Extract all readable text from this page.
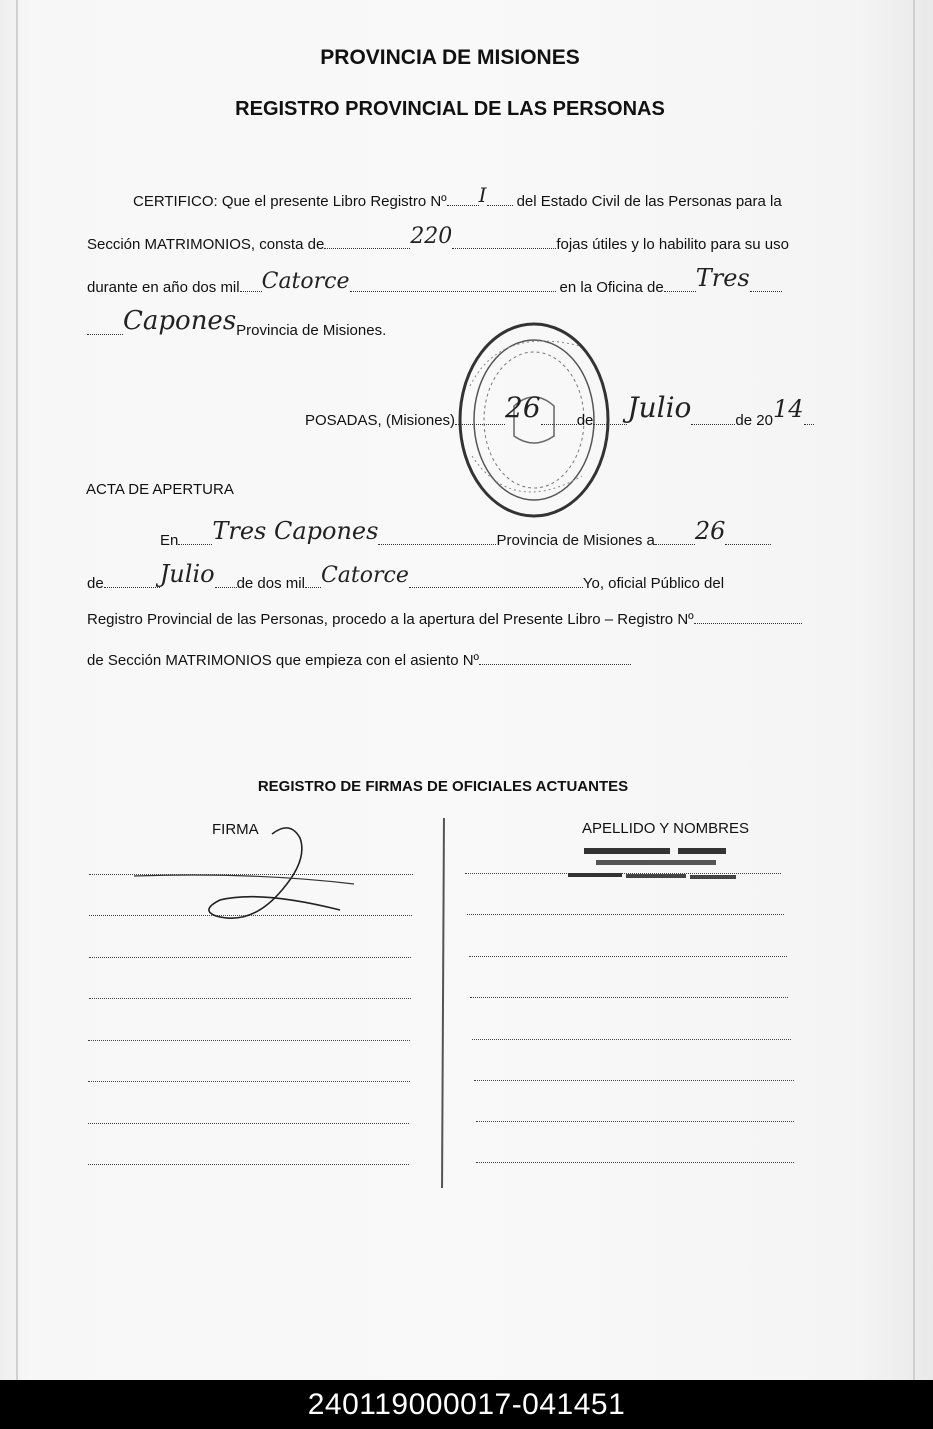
PROVINCIA DE MISIONES
REGISTRO PROVINCIAL DE LAS PERSONAS
CERTIFICO: Que el presente Libro Registro Nº I del Estado Civil de las Personas para la
Sección MATRIMONIOS, consta de	220	fojas útiles y lo habilito para su uso
durante en año dos mil Catorce	en la Oficina de Tres
CaponesProvincia de Misiones.
POSADAS, (Misiones) 26 de Julio	de 2014
ACTA DE APERTURA
En Tres Capones	Provincia de Misiones a 26
de Julio de dos mil Catorce	Yo, oficial Público del
Registro Provincial de las Personas, procedo a la apertura del Presente Libro – Registro Nº
de Sección MATRIMONIOS que empieza con el asiento Nº
REGISTRO DE FIRMAS DE OFICIALES ACTUANTES
FIRMA	APELLIDO Y NOMBRES
240119000017-041451
